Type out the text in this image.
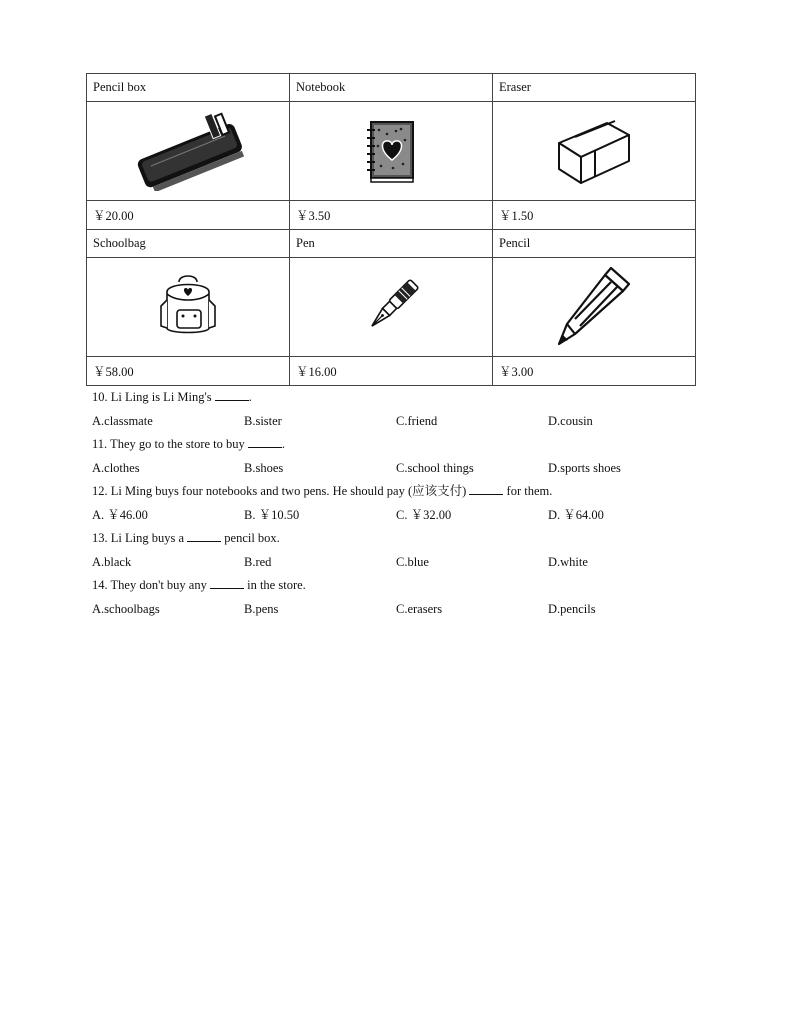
Pencil box	Notebook	Eraser

￥20.00	￥3.50	￥1.50
Schoolbag	Pen	Pencil

￥58.00	￥16.00	￥3.00
10. Li Ling is Li Ming's	.
A.classmate	B.sister	C.friend	D.cousin
11. They go to the store to buy	.
A.clothes	B.shoes	C.school things	D.sports shoes
12. Li Ming buys four notebooks and two pens. He should pay (应该支付)	for them.
A. ￥46.00	B. ￥10.50	C. ￥32.00	D. ￥64.00
13. Li Ling buys a	pencil box.
A.black	B.red	C.blue	D.white
14. They don't buy any	in the store.
A.schoolbags	B.pens	C.erasers	D.pencils
